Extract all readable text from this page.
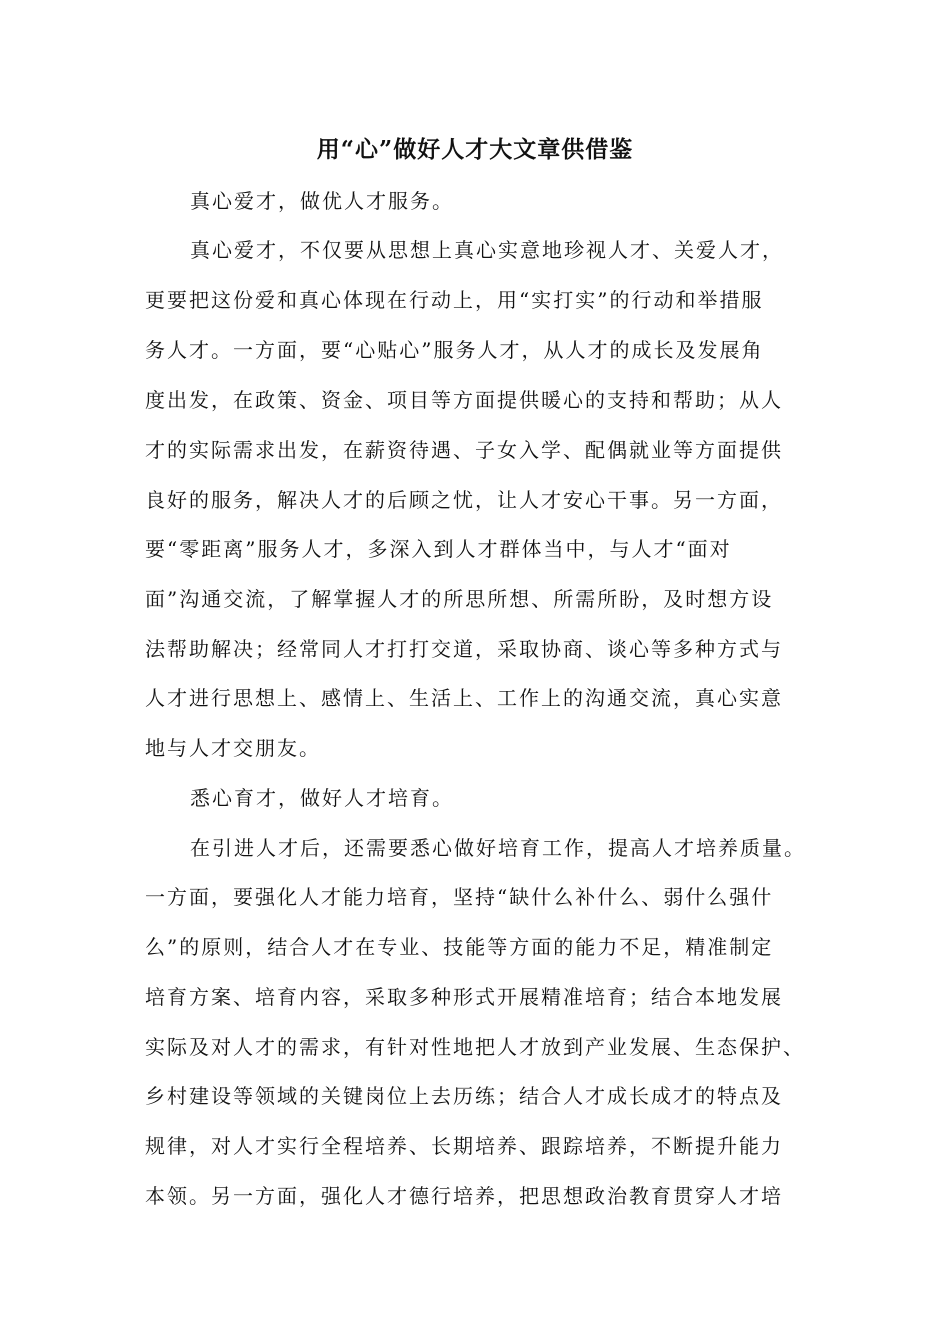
用“心”做好人才大文章供借鉴
真心爱才，做优人才服务。
真心爱才，不仅要从思想上真心实意地珍视人才、关爱人才，
更要把这份爱和真心体现在行动上，用“实打实”的行动和举措服
务人才。一方面，要“心贴心”服务人才，从人才的成长及发展角
度出发，在政策、资金、项目等方面提供暖心的支持和帮助；从人
才的实际需求出发，在薪资待遇、子女入学、配偶就业等方面提供
良好的服务，解决人才的后顾之忧，让人才安心干事。另一方面，
要“零距离”服务人才，多深入到人才群体当中，与人才“面对
面”沟通交流，了解掌握人才的所思所想、所需所盼，及时想方设
法帮助解决；经常同人才打打交道，采取协商、谈心等多种方式与
人才进行思想上、感情上、生活上、工作上的沟通交流，真心实意
地与人才交朋友。
悉心育才，做好人才培育。
在引进人才后，还需要悉心做好培育工作，提高人才培养质量。
一方面，要强化人才能力培育，坚持“缺什么补什么、弱什么强什
么”的原则，结合人才在专业、技能等方面的能力不足，精准制定
培育方案、培育内容，采取多种形式开展精准培育；结合本地发展
实际及对人才的需求，有针对性地把人才放到产业发展、生态保护、
乡村建设等领域的关键岗位上去历练；结合人才成长成才的特点及
规律，对人才实行全程培养、长期培养、跟踪培养，不断提升能力
本领。另一方面，强化人才德行培养，把思想政治教育贯穿人才培
